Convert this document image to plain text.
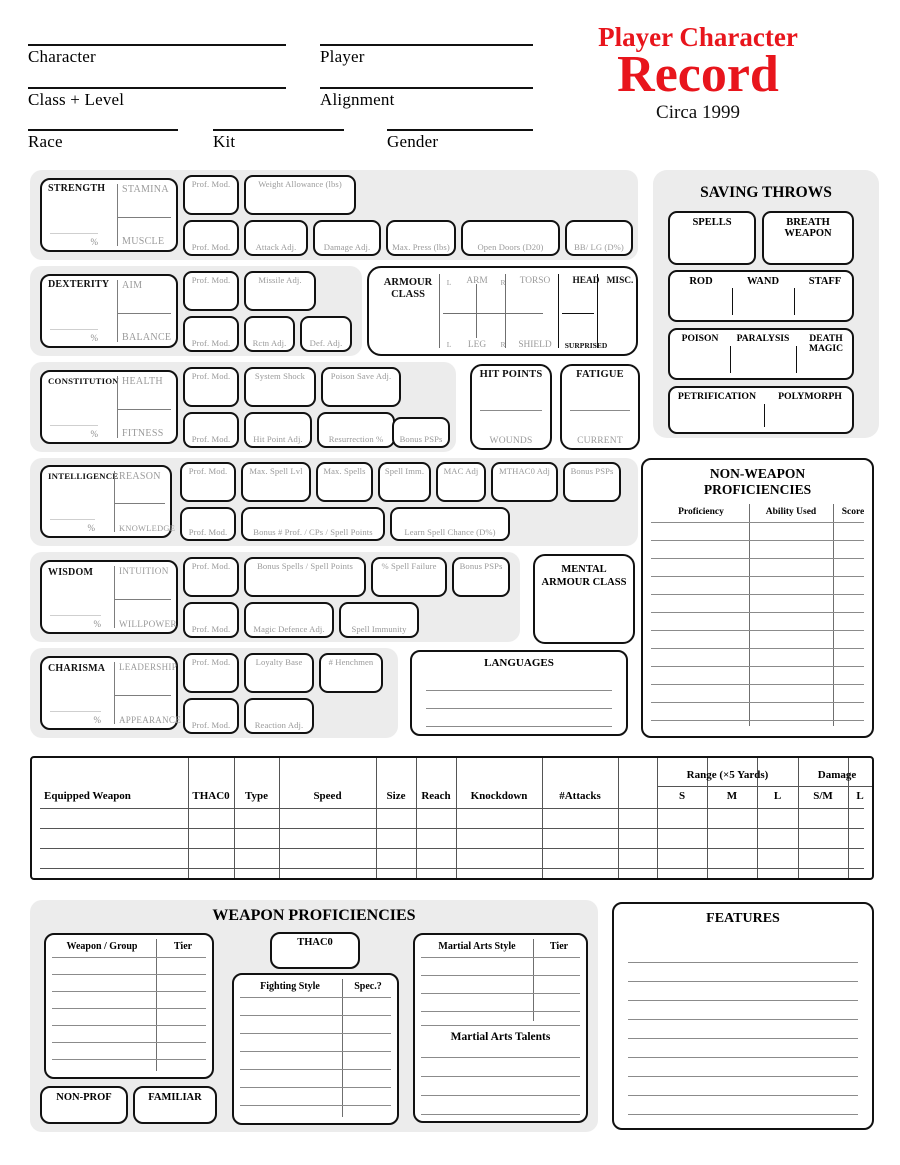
Character	Player
Class + Level	Alignment
Race	Kit	Gender
Player Character
Record
Circa 1999
STRENGTH STAMINA
MUSCLE
%
Prof. Mod.	Weight Allowance (lbs)
Prof. Mod.	Attack Adj.	Damage Adj.	Max. Press (lbs)	Open Doors (D20)	BB/ LG (D%)
DEXTERITY AIM
BALANCE
%
Prof. Mod.	Missile Adj.
Prof. Mod.	Rctn Adj.	Def. Adj.
ARMOUR
CLASS
L	ARM	R	TORSO	HEAD MISC.
L	LEG	R	SHIELD	SURPRISED
CONSTITUTION HEALTH
FITNESS
%
Prof. Mod.	System Shock	Poison Save Adj.
Prof. Mod.	Hit Point Adj.	Resurrection %	Bonus PSPs
HIT POINTS
WOUNDS
FATIGUE
CURRENT
INTELLIGENCE REASON
KNOWLEDGE
%
Prof. Mod.	Max. Spell Lvl	Max. Spells	Spell Imm.	MAC Adj	MTHAC0 Adj	Bonus PSPs
Prof. Mod.	Bonus # Prof. / CPs / Spell Points	Learn Spell Chance (D%)
WISDOM	INTUITION
WILLPOWER
%
Prof. Mod.	Bonus Spells / Spell Points	% Spell Failure	Bonus PSPs
Prof. Mod.	Magic Defence Adj.	Spell Immunity
MENTAL
ARMOUR CLASS
CHARISMA LEADERSHIP
APPEARANCE
%
Prof. Mod.	Loyalty Base	# Henchmen
Prof. Mod.	Reaction Adj.
LANGUAGES
SAVING THROWS
SPELLS	BREATH WEAPON
ROD	WAND	STAFF
POISON	PARALYSIS	DEATH MAGIC
PETRIFICATION	POLYMORPH
NON-WEAPON
PROFICIENCIES
Proficiency	Ability Used	Score
Range (×5 Yards)	Damage
Equipped Weapon	THAC0	Type	Speed	Size	Reach	Knockdown	#Attacks	S	M	L	S/M	L
WEAPON PROFICIENCIES
Weapon / Group	Tier
NON-PROF	FAMILIAR
THAC0
Fighting Style	Spec.?
Martial Arts Style	Tier
Martial Arts Talents
FEATURES
